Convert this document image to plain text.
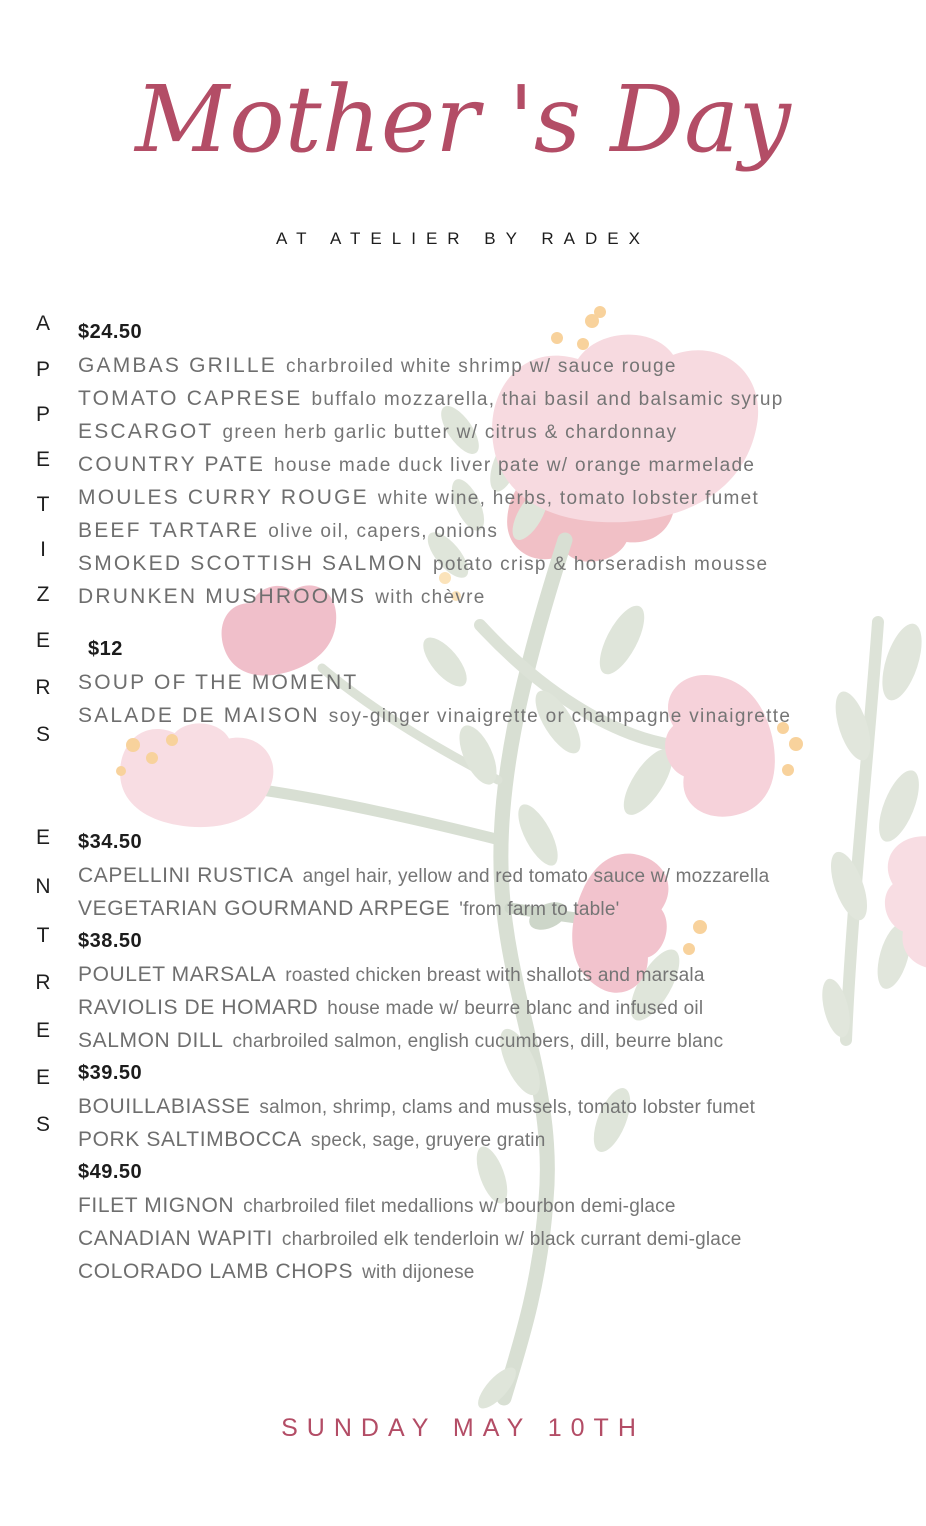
Mother 's Day
AT ATELIER BY RADEX
A
P
P
E
T
I
Z
E
R
S
$24.50
GAMBAS GRILLE charbroiled white shrimp w/ sauce rouge
TOMATO CAPRESE buffalo mozzarella, thai basil and balsamic syrup
ESCARGOT green herb garlic butter w/ citrus & chardonnay
COUNTRY PATE house made duck liver pate w/ orange marmelade
MOULES CURRY ROUGE white wine, herbs, tomato lobster fumet
BEEF TARTARE olive oil, capers, onions
SMOKED SCOTTISH SALMON potato crisp & horseradish mousse
DRUNKEN MUSHROOMS with chèvre
$12
SOUP OF THE MOMENT
SALADE DE MAISON soy-ginger vinaigrette or champagne vinaigrette
E
N
T
R
E
E
S
$34.50
CAPELLINI RUSTICA angel hair, yellow and red tomato sauce w/ mozzarella
VEGETARIAN GOURMAND ARPEGE 'from farm to table'
$38.50
POULET MARSALA roasted chicken breast with shallots and marsala
RAVIOLIS DE HOMARD house made w/ beurre blanc and infused oil
SALMON DILL charbroiled salmon, english cucumbers, dill, beurre blanc
$39.50
BOUILLABIASSE salmon, shrimp, clams and mussels, tomato lobster fumet
PORK SALTIMBOCCA speck, sage, gruyere gratin
$49.50
FILET MIGNON charbroiled filet medallions w/ bourbon demi-glace
CANADIAN WAPITI charbroiled elk tenderloin w/ black currant demi-glace
COLORADO LAMB CHOPS with dijonese
SUNDAY MAY 10TH
